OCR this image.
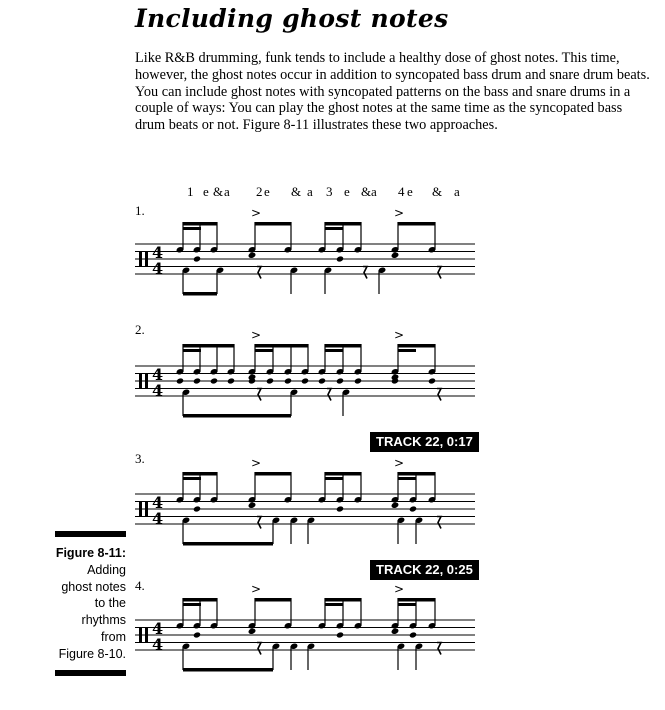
Including ghost notes
Like R&B drumming, funk tends to include a healthy dose of ghost notes. This time, however, the ghost notes occur in addition to syncopated bass drum and snare drum beats. You can include ghost notes with syncopated patterns on the bass and snare drums in a couple of ways: You can play the ghost notes at the same time as the syncopated bass drum beats or not. Figure 8-11 illustrates these two approaches.
1 e & a 2 e & a 3 e & a 4 e & a
1.
4
4
>	>
2.
4
4
>	>
TRACK 22, 0:17
3.
4
4
>	>
TRACK 22, 0:25
4.
4
4
>	>
Figure 8-11:
Adding
ghost notes
to the
rhythms
from
Figure 8-10.
